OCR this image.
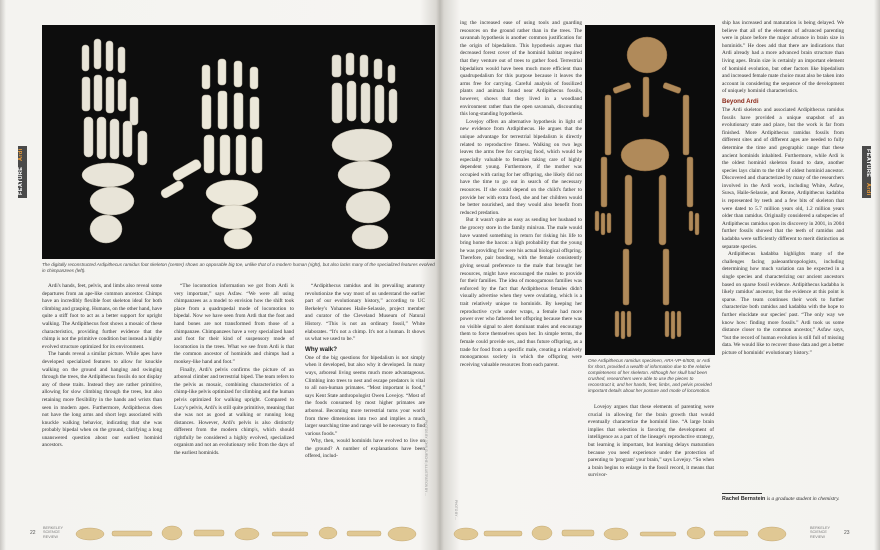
The digitally reconstructed Ardipithecus ramidus foot skeleton (center) shows an opposable big toe, unlike that of a modern human (right), but also lacks many of the specialized features evolved in chimpanzees (left).
FEATURE Ardi

Ardi's hands, feet, pelvis, and limbs also reveal some departures from an ape-like common ancestor. Chimps have an incredibly flexible foot skeleton ideal for both climbing and grasping. Humans, on the other hand, have quite a stiff foot to act as a better support for upright walking. The Ardipithecus foot shows a mosaic of these characteristics, providing further evidence that the chimp is not the primitive condition but instead a highly evolved structure optimized for its environment.

The hands reveal a similar picture. While apes have developed specialized features to allow for knuckle walking on the ground and hanging and swinging through the trees, the Ardipithecus fossils do not display any of these traits. Instead they are rather primitive, allowing for slow climbing through the trees, but also retaining more flexibility in the hands and wrists than seen in modern apes. Furthermore, Ardipithecus does not have the long arms and short legs associated with knuckle walking behavior, indicating that she was probably bipedal when on the ground, clarifying a long unanswered question about our earliest hominid ancestors.

“The locomotion information we got from Ardi is very important,” says Asfaw. “We were all using chimpanzees as a model to envision how the shift took place from a quadrupedal mode of locomotion to bipedal. Now we have seen from Ardi that the foot and hand bones are not transformed from those of a chimpanzee. Chimpanzees have a very specialized hand and foot for their kind of suspensory mode of locomotion in the trees. What we see from Ardi is that the common ancestor of hominids and chimps had a monkey-like hand and foot.”

Finally, Ardi's pelvis confirms the picture of an arboreal climber and terrestrial biped. The team refers to the pelvis as mosaic, combining characteristics of a chimp-like pelvis optimized for climbing and the human pelvis optimized for walking upright. Compared to Lucy's pelvis, Ardi's is still quite primitive, meaning that she was not as good at walking or running long distances. However, Ardi's pelvis is also distinctly different from the modern chimp's, which should rightfully be considered a highly evolved, specialized organism and not an evolutionary relic from the days of the earliest hominids.

“Ardipithecus ramidus and its prevailing anatomy revolutionize the way most of us understand the earlier part of our evolutionary history,” according to UC Berkeley's Yohannes Haile-Selassie, project member and curator of the Cleveland Museum of Natural History. “This is not an ordinary fossil,” White elaborates. “It's not a chimp. It's not a human. It shows us what we used to be.”

Why walk?

One of the big questions for bipedalism is not simply when it developed, but also why it developed. In many ways, arboreal living seems much more advantageous. Climbing into trees to nest and escape predators is vital to all non-human primates. “Most important is food,” says Kent State anthropologist Owen Lovejoy. “Most of the foods consumed by most higher primates are arboreal. Becoming more terrestrial turns your world from three dimensions into two and implies a much larger searching time and range will be necessary to find various foods.”

Why, then, would hominids have evolved to live on the ground? A number of explanations have been offered, includ-

22
BERKELEY
SCIENCE
REVIEW
PHOTOS BY JOHN GURCHE; ILLUSTRATION BY ...

ing the increased ease of using tools and guarding resources on the ground rather than in the trees. The savannah hypothesis is another common justification for the origin of bipedalism. This hypothesis argues that decreased forest cover of the hominid habitat required that they venture out of trees to gather food. Terrestrial bipedalism would have been much more efficient than quadrupedalism for this purpose because it leaves the arms free for carrying. Careful analysis of fossilized plants and animals found near Ardipithecus fossils, however, shows that they lived in a woodland environment rather than the open savannah, discounting this long-standing hypothesis.

Lovejoy offers an alternative hypothesis in light of new evidence from Ardipithecus. He argues that the unique advantage for terrestrial bipedalism is directly related to reproductive fitness. Walking on two legs leaves the arms free for carrying food, which would be especially valuable to females taking care of highly dependent young. Furthermore, if the mother was occupied with caring for her offspring, she likely did not have the time to go out in search of the necessary resources. If she could depend on the child's father to provide her with extra food, she and her children would be better nourished, and they would also benefit from reduced predation.

But it wasn't quite as easy as sending her husband to the grocery store in the family minivan. The male would have wanted something in return for risking his life to bring home the bacon: a high probability that the young he was providing for were his actual biological offspring. Therefore, pair bonding, with the female consistently giving sexual preference to the male that brought her resources, might have encouraged the males to provide for their families. The idea of monogamous families was enforced by the fact that Ardipithecus females didn't visually advertise when they were ovulating, which is a trait relatively unique to hominids. By keeping her reproductive cycle under wraps, a female had more power over who fathered her offspring because there was no visible signal to alert dominant males and encourage them to force themselves upon her. In simple terms, the female could provide sex, and thus future offspring, as a trade for food from a specific male, creating a relatively monogamous society in which the offspring were receiving valuable resources from each parent.

One Ardipithecus ramidus specimen, ARA-VP-6/500, or Ardi for short, provided a wealth of information due to the relative completeness of her skeleton. Although her skull had been crushed, researchers were able to use the pieces to reconstruct it, and her hands, feet, limbs, and pelvis provided important details about her posture and mode of locomotion.

Lovejoy argues that these elements of parenting were crucial in allowing for the brain growth that would eventually characterize the hominid line. “A large brain implies that selection is favoring the development of intelligence as a part of the lineage's reproductive strategy, but learning is important, but learning delays maturation because you need experience under the protection of parenting to 'program' your brain,” says Lovejoy. “So when a brain begins to enlarge in the fossil record, it means that survivor-

ship has increased and maturation is being delayed. We believe that all of the elements of advanced parenting were in place before the major advance in brain size in hominids.” He does add that there are indications that Ardi already had a more advanced brain structure than living apes. Brain size is certainly an important element of hominid evolution, but other factors like bipedalism and increased female mate choice must also be taken into account in considering the sequence of the development of uniquely hominid characteristics.

Beyond Ardi

The Ardi skeleton and associated Ardipithecus ramidus fossils have provided a unique snapshot of an evolutionary state and place, but the work is far from finished. More Ardipithecus ramidus fossils from different sites and of different ages are needed to fully determine the time and geographic range that these ancient hominids inhabited. Furthermore, while Ardi is the oldest hominid skeleton found to date, another species lays claim to the title of oldest hominid ancestor. Discovered and characterized by many of the researchers involved in the Ardi work, including White, Asfaw, Suwa, Haile-Selassie, and Renne, Ardipithecus kadabba is represented by teeth and a few bits of skeleton that were dated to 5.7 million years old, 1.2 million years older than ramidus. Originally considered a subspecies of Ardipithecus ramidus upon its discovery in 2001, in 2004 further fossils showed that the teeth of ramidus and kadabba were sufficiently different to merit distinction as separate species.

Ardipithecus kadabba highlights many of the challenges facing paleoanthropologists, including determining how much variation can be expected in a single species and characterizing our ancient ancestors based on sparse fossil evidence. Ardipithecus kadabba is likely ramidus' ancestor, but the evidence at this point is sparse. The team continues their work to further characterize both ramidus and kadabba with the hope to further elucidate our species' past. “The only way we know how: finding more fossils.” Ardi took us some distance closer to the common ancestor,” Asfaw says, “but the record of human evolution is still full of missing data. We would like to recover those data and get a better picture of hominids' evolutionary history.”

Rachel Bernstein is a graduate student in chemistry.
FEATURE Ardi
BERKELEY
SCIENCE
REVIEW
23
PHOTO BY ...
